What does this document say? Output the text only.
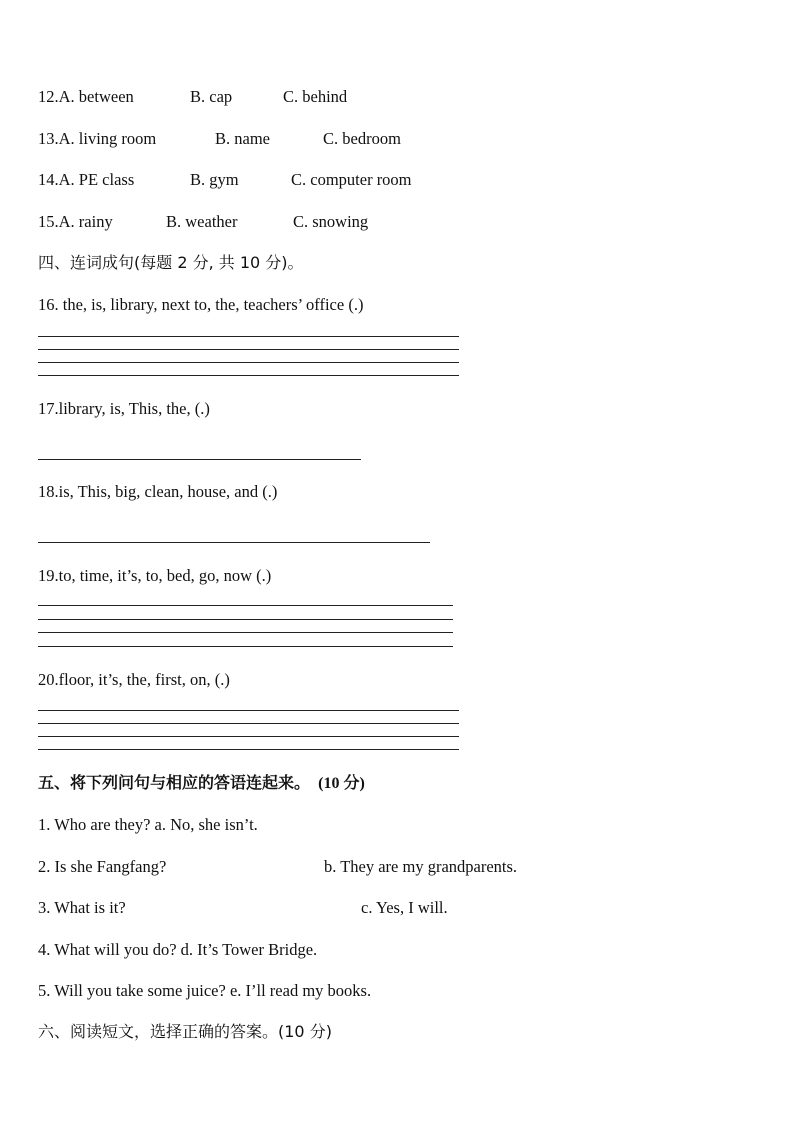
12.A. between	B. cap	C. behind
13.A. living room	B. name	C. bedroom
14.A. PE class	B. gym	C. computer room
15.A. rainy	B. weather	C. snowing
四、连词成句(每题 2 分, 共 10 分)。
16. the, is, library, next to, the, teachers’ office (.)
17.library, is, This, the, (.)
18.is, This, big, clean, house, and (.)
19.to, time, it’s, to, bed, go, now (.)
20.floor, it’s, the, first, on, (.)
五、将下列问句与相应的答语连起来。 (10 分)
1. Who are they? a. No, she isn’t.
2. Is she Fangfang?	b. They are my grandparents.
3. What is it?	c. Yes, I will.
4. What will you do? d. It’s Tower Bridge.
5. Will you take some juice? e. I’ll read my books.
六、阅读短文，选择正确的答案。(10 分)
